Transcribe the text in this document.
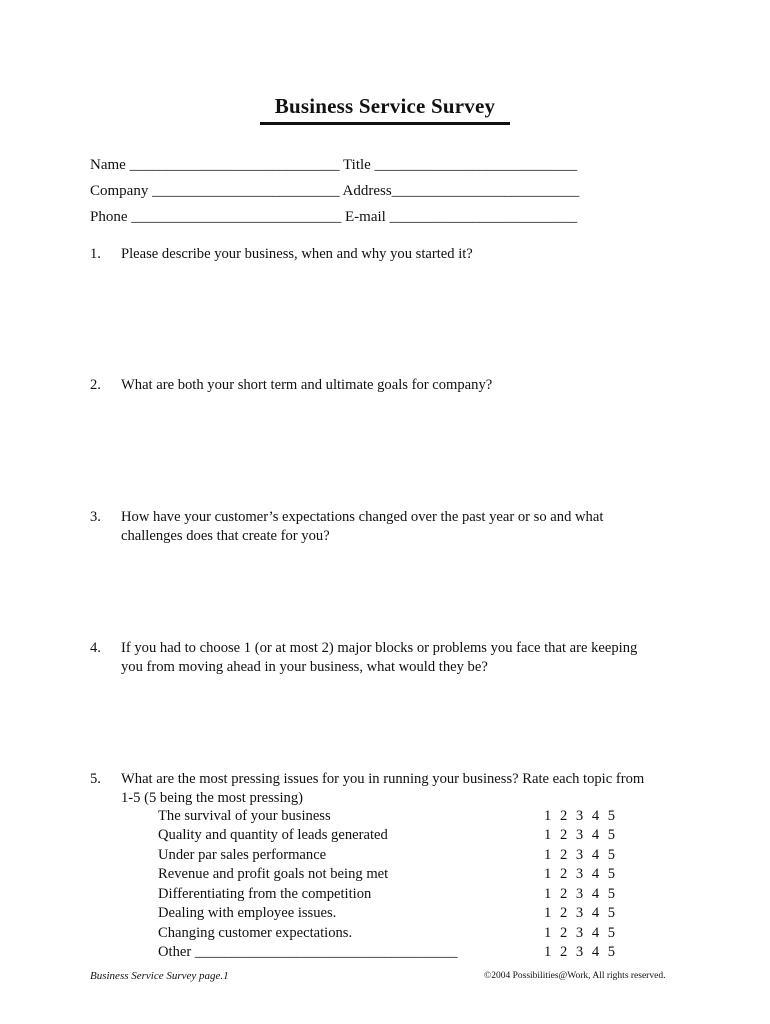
Business Service Survey
Name ____________________________ Title ___________________________
Company _________________________ Address_________________________
Phone ____________________________ E-mail _________________________
1. Please describe your business, when and why you started it?
2. What are both your short term and ultimate goals for company?
3. How have your customer’s expectations changed over the past year or so and what
challenges does that create for you?
4. If you had to choose 1 (or at most 2) major blocks or problems you face that are keeping
you from moving ahead in your business, what would they be?
5. What are the most pressing issues for you in running your business? Rate each topic from
1-5 (5 being the most pressing)
The survival of your business	1 2 3 4 5
Quality and quantity of leads generated	1 2 3 4 5
Under par sales performance	1 2 3 4 5
Revenue and profit goals not being met	1 2 3 4 5
Differentiating from the competition	1 2 3 4 5
Dealing with employee issues.	1 2 3 4 5
Changing customer expectations.	1 2 3 4 5
Other ____________________________________	1 2 3 4 5
Business Service Survey page.1	©2004 Possibilities@Work, All rights reserved.
